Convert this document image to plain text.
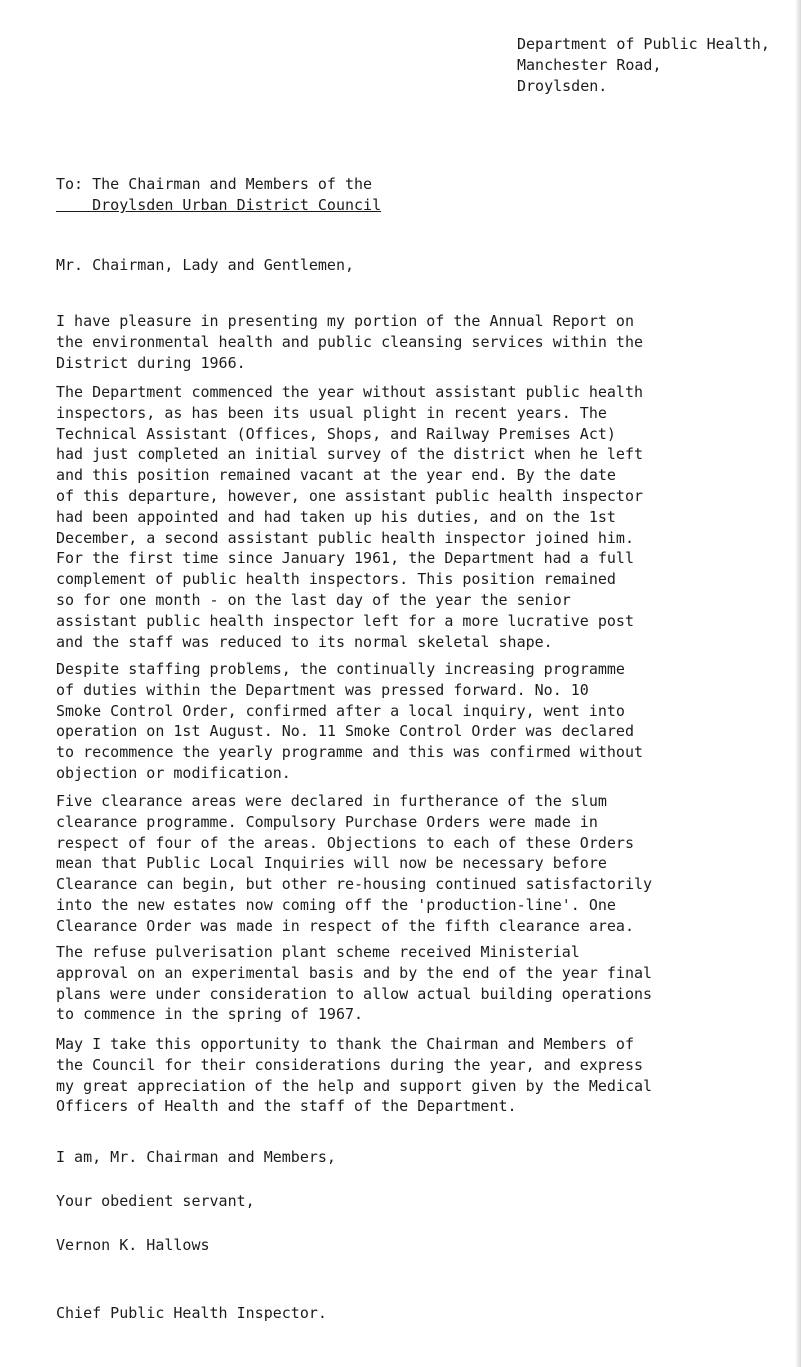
Department of Public Health,
Manchester Road,
Droylsden.
To: The Chairman and Members of the
Droylsden Urban District Council
Mr. Chairman, Lady and Gentlemen,
I have pleasure in presenting my portion of the Annual Report on
the environmental health and public cleansing services within the
District during 1966.
The Department commenced the year without assistant public health
inspectors, as has been its usual plight in recent years. The
Technical Assistant (Offices, Shops, and Railway Premises Act)
had just completed an initial survey of the district when he left
and this position remained vacant at the year end. By the date
of this departure, however, one assistant public health inspector
had been appointed and had taken up his duties, and on the 1st
December, a second assistant public health inspector joined him.
For the first time since January 1961, the Department had a full
complement of public health inspectors. This position remained
so for one month - on the last day of the year the senior
assistant public health inspector left for a more lucrative post
and the staff was reduced to its normal skeletal shape.
Despite staffing problems, the continually increasing programme
of duties within the Department was pressed forward. No. 10
Smoke Control Order, confirmed after a local inquiry, went into
operation on 1st August. No. 11 Smoke Control Order was declared
to recommence the yearly programme and this was confirmed without
objection or modification.
Five clearance areas were declared in furtherance of the slum
clearance programme. Compulsory Purchase Orders were made in
respect of four of the areas. Objections to each of these Orders
mean that Public Local Inquiries will now be necessary before
Clearance can begin, but other re-housing continued satisfactorily
into the new estates now coming off the 'production-line'. One
Clearance Order was made in respect of the fifth clearance area.
The refuse pulverisation plant scheme received Ministerial
approval on an experimental basis and by the end of the year final
plans were under consideration to allow actual building operations
to commence in the spring of 1967.
May I take this opportunity to thank the Chairman and Members of
the Council for their considerations during the year, and express
my great appreciation of the help and support given by the Medical
Officers of Health and the staff of the Department.
I am, Mr. Chairman and Members,
Your obedient servant,
Vernon K. Hallows
Chief Public Health Inspector.
